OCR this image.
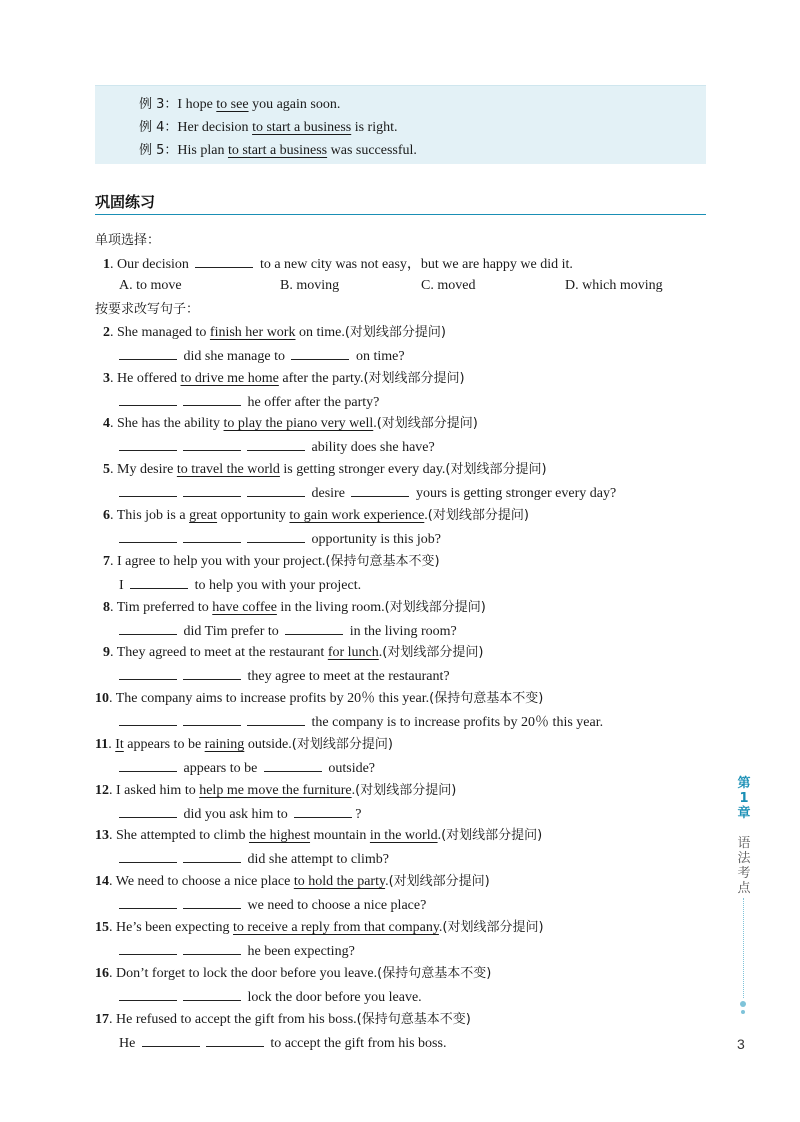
例 3：I hope to see you again soon.
例 4：Her decision to start a business is right.
例 5：His plan to start a business was successful.
巩固练习
单项选择：
1. Our decision	to a new city was not easy，but we are happy we did it.
A. to move	B. moving	C. moved	D. which moving
按要求改写句子：
2. She managed to finish her work on time.(对划线部分提问)
did she manage to	on time?
3. He offered to drive me home after the party.(对划线部分提问)
he offer after the party?
4. She has the ability to play the piano very well.(对划线部分提问)
ability does she have?
5. My desire to travel the world is getting stronger every day.(对划线部分提问)
desire	yours is getting stronger every day?
6. This job is a great opportunity to gain work experience.(对划线部分提问)
opportunity is this job?
7. I agree to help you with your project.(保持句意基本不变)
I	to help you with your project.
8. Tim preferred to have coffee in the living room.(对划线部分提问)
did Tim prefer to	in the living room?
9. They agreed to meet at the restaurant for lunch.(对划线部分提问)
they agree to meet at the restaurant?
10. The company aims to increase profits by 20％ this year.(保持句意基本不变)
the company is to increase profits by 20％ this year.
11. It appears to be raining outside.(对划线部分提问)
appears to be	outside?
12. I asked him to help me move the furniture.(对划线部分提问)
did you ask him to	?
13. She attempted to climb the highest mountain in the world.(对划线部分提问)
did she attempt to climb?
14. We need to choose a nice place to hold the party.(对划线部分提问)
we need to choose a nice place?
15. He’s been expecting to receive a reply from that company.(对划线部分提问)
he been expecting?
16. Don’t forget to lock the door before you leave.(保持句意基本不变)
lock the door before you leave.
17. He refused to accept the gift from his boss.(保持句意基本不变)
He	to accept the gift from his boss.
第
1
章
语
法
考
点
3
